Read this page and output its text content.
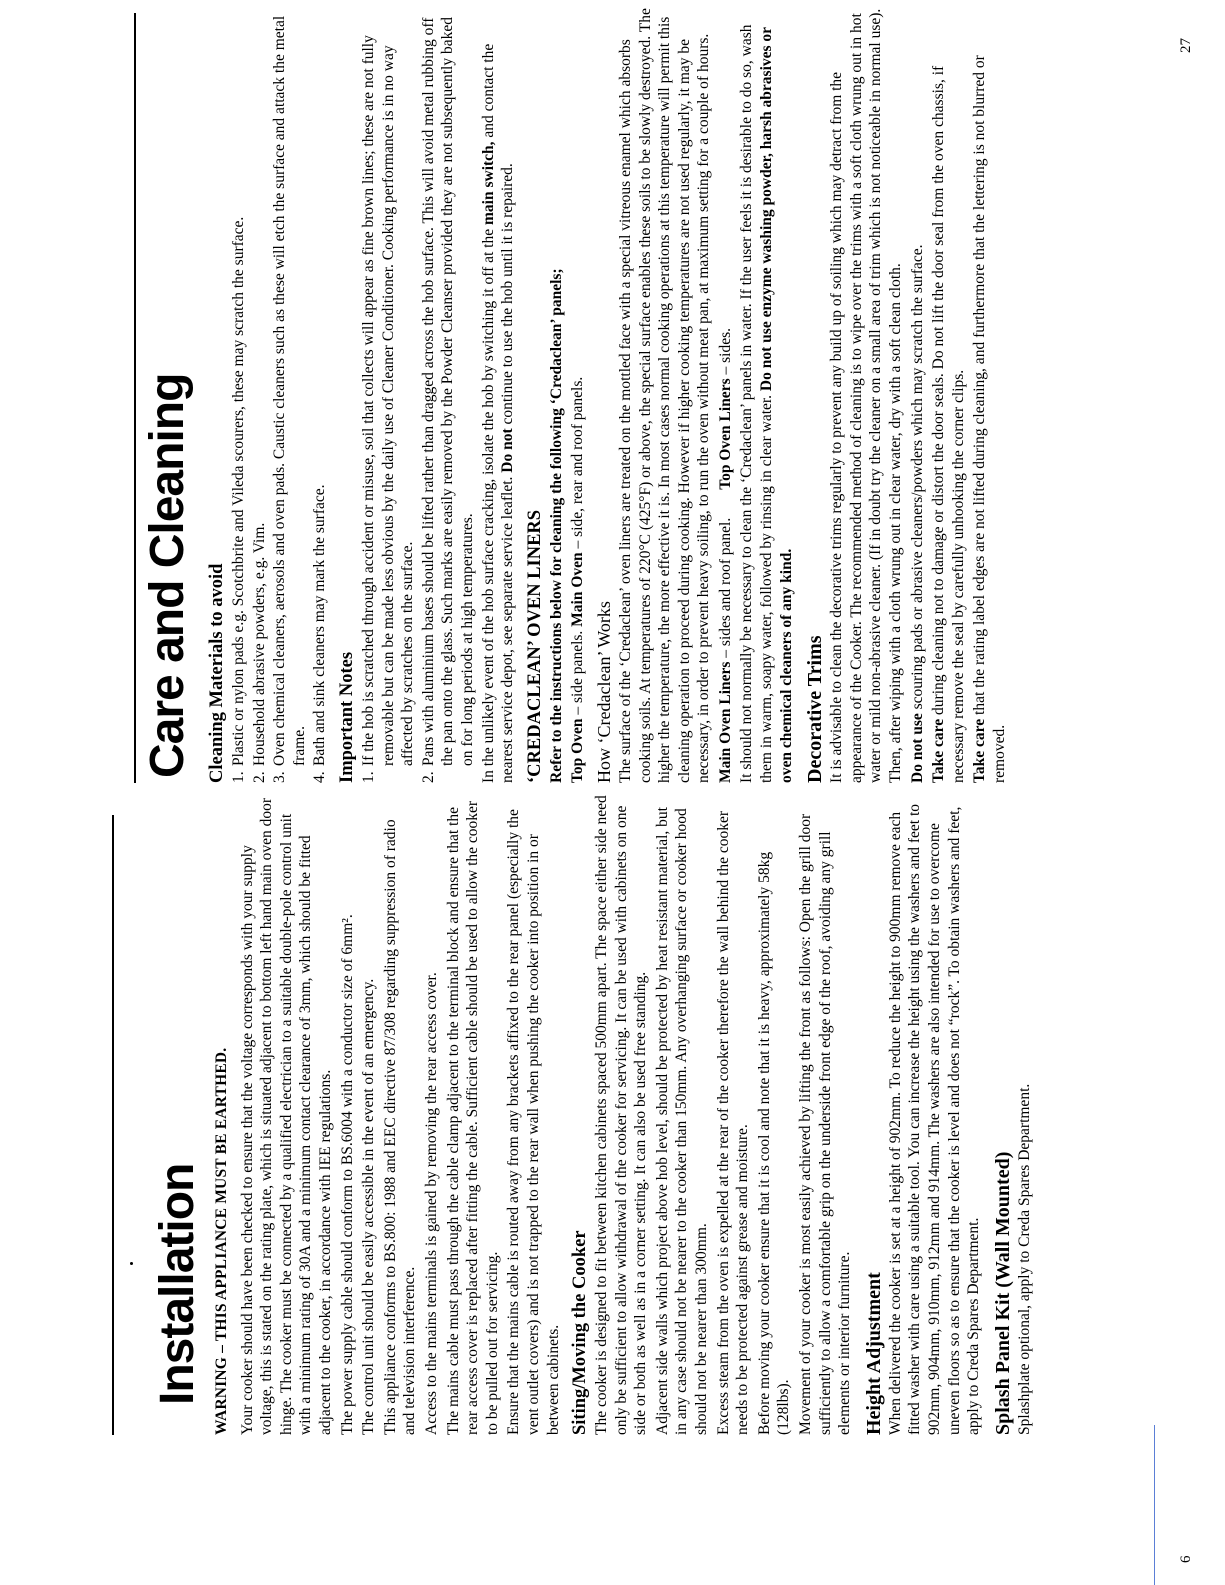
Installation WARNING – THIS APPLIANCE MUST BE EARTHED. Your cooker should have been checked to ensure that the voltage corresponds with your supply voltage, this is stated on the rating plate, which is situated adjacent to bottom left hand main oven door hinge. The cooker must be connected by a qualified electrician to a suitable double-pole control unit with a minimum rating of 30A and a minimum contact clearance of 3mm, which should be fitted adjacent to the cooker, in accordance with IEE regulations. The power supply cable should conform to BS.6004 with a conductor size of 6mm². The control unit should be easily accessible in the event of an emergency. This appliance conforms to BS.800: 1988 and EEC directive 87/308 regarding suppression of radio and television interference. Access to the mains terminals is gained by removing the rear access cover. The mains cable must pass through the cable clamp adjacent to the terminal block and ensure that the rear access cover is replaced after fitting the cable. Sufficient cable should be used to allow the cooker to be pulled out for servicing. Ensure that the mains cable is routed away from any brackets affixed to the rear panel (especially the vent outlet covers) and is not trapped to the rear wall when pushing the cooker into position in or between cabinets. Siting/Moving the Cooker The cooker is designed to fit between kitchen cabinets spaced 500mm apart. The space either side need only be sufficient to allow withdrawal of the cooker for servicing. It can be used with cabinets on one side or both as well as in a corner setting. It can also be used free standing. Adjacent side walls which project above hob level, should be protected by heat resistant material, but in any case should not be nearer to the cooker than 150mm. Any overhanging surface or cooker hood should not be nearer than 300mm. Excess steam from the oven is expelled at the rear of the cooker therefore the wall behind the cooker needs to be protected against grease and moisture. Before moving your cooker ensure that it is cool and note that it is heavy, approximately 58kg (128lbs). Movement of your cooker is most easily achieved by lifting the front as follows: Open the grill door sufficiently to allow a comfortable grip on the underside front edge of the roof, avoiding any grill elements or interior furniture. Height Adjustment When delivered the cooker is set at a height of 902mm. To reduce the height to 900mm remove each fitted washer with care using a suitable tool. You can increase the height using the washers and feet to 902mm, 904mm, 910mm, 912mm and 914mm. The washers are also intended for use to overcome uneven floors so as to ensure that the cooker is level and does not “rock”. To obtain washers and feet, apply to Creda Spares Department. Splash Panel Kit (Wall Mounted) Splashplate optional, apply to Creda Spares Department.

6
Care and Cleaning Cleaning Materials to avoid 1.
Plastic or nylon pads e.g. Scotchbrite and Vileda scourers, these may scratch the surface.
2.
Household abrasive powders, e.g. Vim.
3.
Oven chemical cleaners, aerosols and oven pads. Caustic cleaners such as these will etch the surface and attack the metal frame.
4.
Bath and sink cleaners may mark the surface. Important Notes 1.
If the hob is scratched through accident or misuse, soil that collects will appear as fine brown lines; these are not fully removable but can be made less obvious by the daily use of Cleaner Conditioner. Cooking performance is in no way affected by scratches on the surface.
2.
Pans with aluminium bases should be lifted rather than dragged across the hob surface. This will avoid metal rubbing off the pan onto the glass. Such marks are easily removed by the Powder Cleanser provided they are not subsequently baked on for long periods at high temperatures. In the unlikely event of the hob surface cracking, isolate the hob by switching it off at the main switch, and contact the nearest service depot, see separate service leaflet. Do not continue to use the hob until it is repaired.

‘CREDACLEAN’ OVEN LINERS Refer to the instructions below for cleaning the following ‘Credaclean’ panels; Top Oven – side panels. Main Oven – side, rear and roof panels.

How ‘Credaclean’ Works The surface of the ‘Credaclean’ oven liners are treated on the mottled face with a special vitreous enamel which absorbs cooking soils. At temperatures of 220°C (425°F) or above, the special surface enables these soils to be slowly destroyed. The higher the temperature, the more effective it is. In most cases normal cooking operations at this temperature will permit this cleaning operation to proceed during cooking. However if higher cooking temperatures are not used regularly, it may be necessary, in order to prevent heavy soiling, to run the oven without meat pan, at maximum setting for a couple of hours. Main Oven Liners – sides and roof panel.Top Oven Liners – sides. It should not normally be necessary to clean the ‘Credaclean’ panels in water. If the user feels it is desirable to do so, wash them in warm, soapy water, followed by rinsing in clear water. Do not use enzyme washing powder, harsh abrasives or oven chemical cleaners of any kind. Decorative Trims It is advisable to clean the decorative trims regularly to prevent any build up of soiling which may detract from the appearance of the Cooker. The recommended method of cleaning is to wipe over the trims with a soft cloth wrung out in hot water or mild non-abrasive cleaner. (If in doubt try the cleaner on a small area of trim which is not noticeable in normal use). Then, after wiping with a cloth wrung out in clear water, dry with a soft clean cloth. Do not use scouring pads or abrasive cleaners/powders which may scratch the surface.

Take care during cleaning not to damage or distort the door seals. Do not lift the door seal from the oven chassis, if necessary remove the seal by carefully unhooking the corner clips. Take care that the rating label edges are not lifted during cleaning, and furthermore that the lettering is not blurred or removed.

27
